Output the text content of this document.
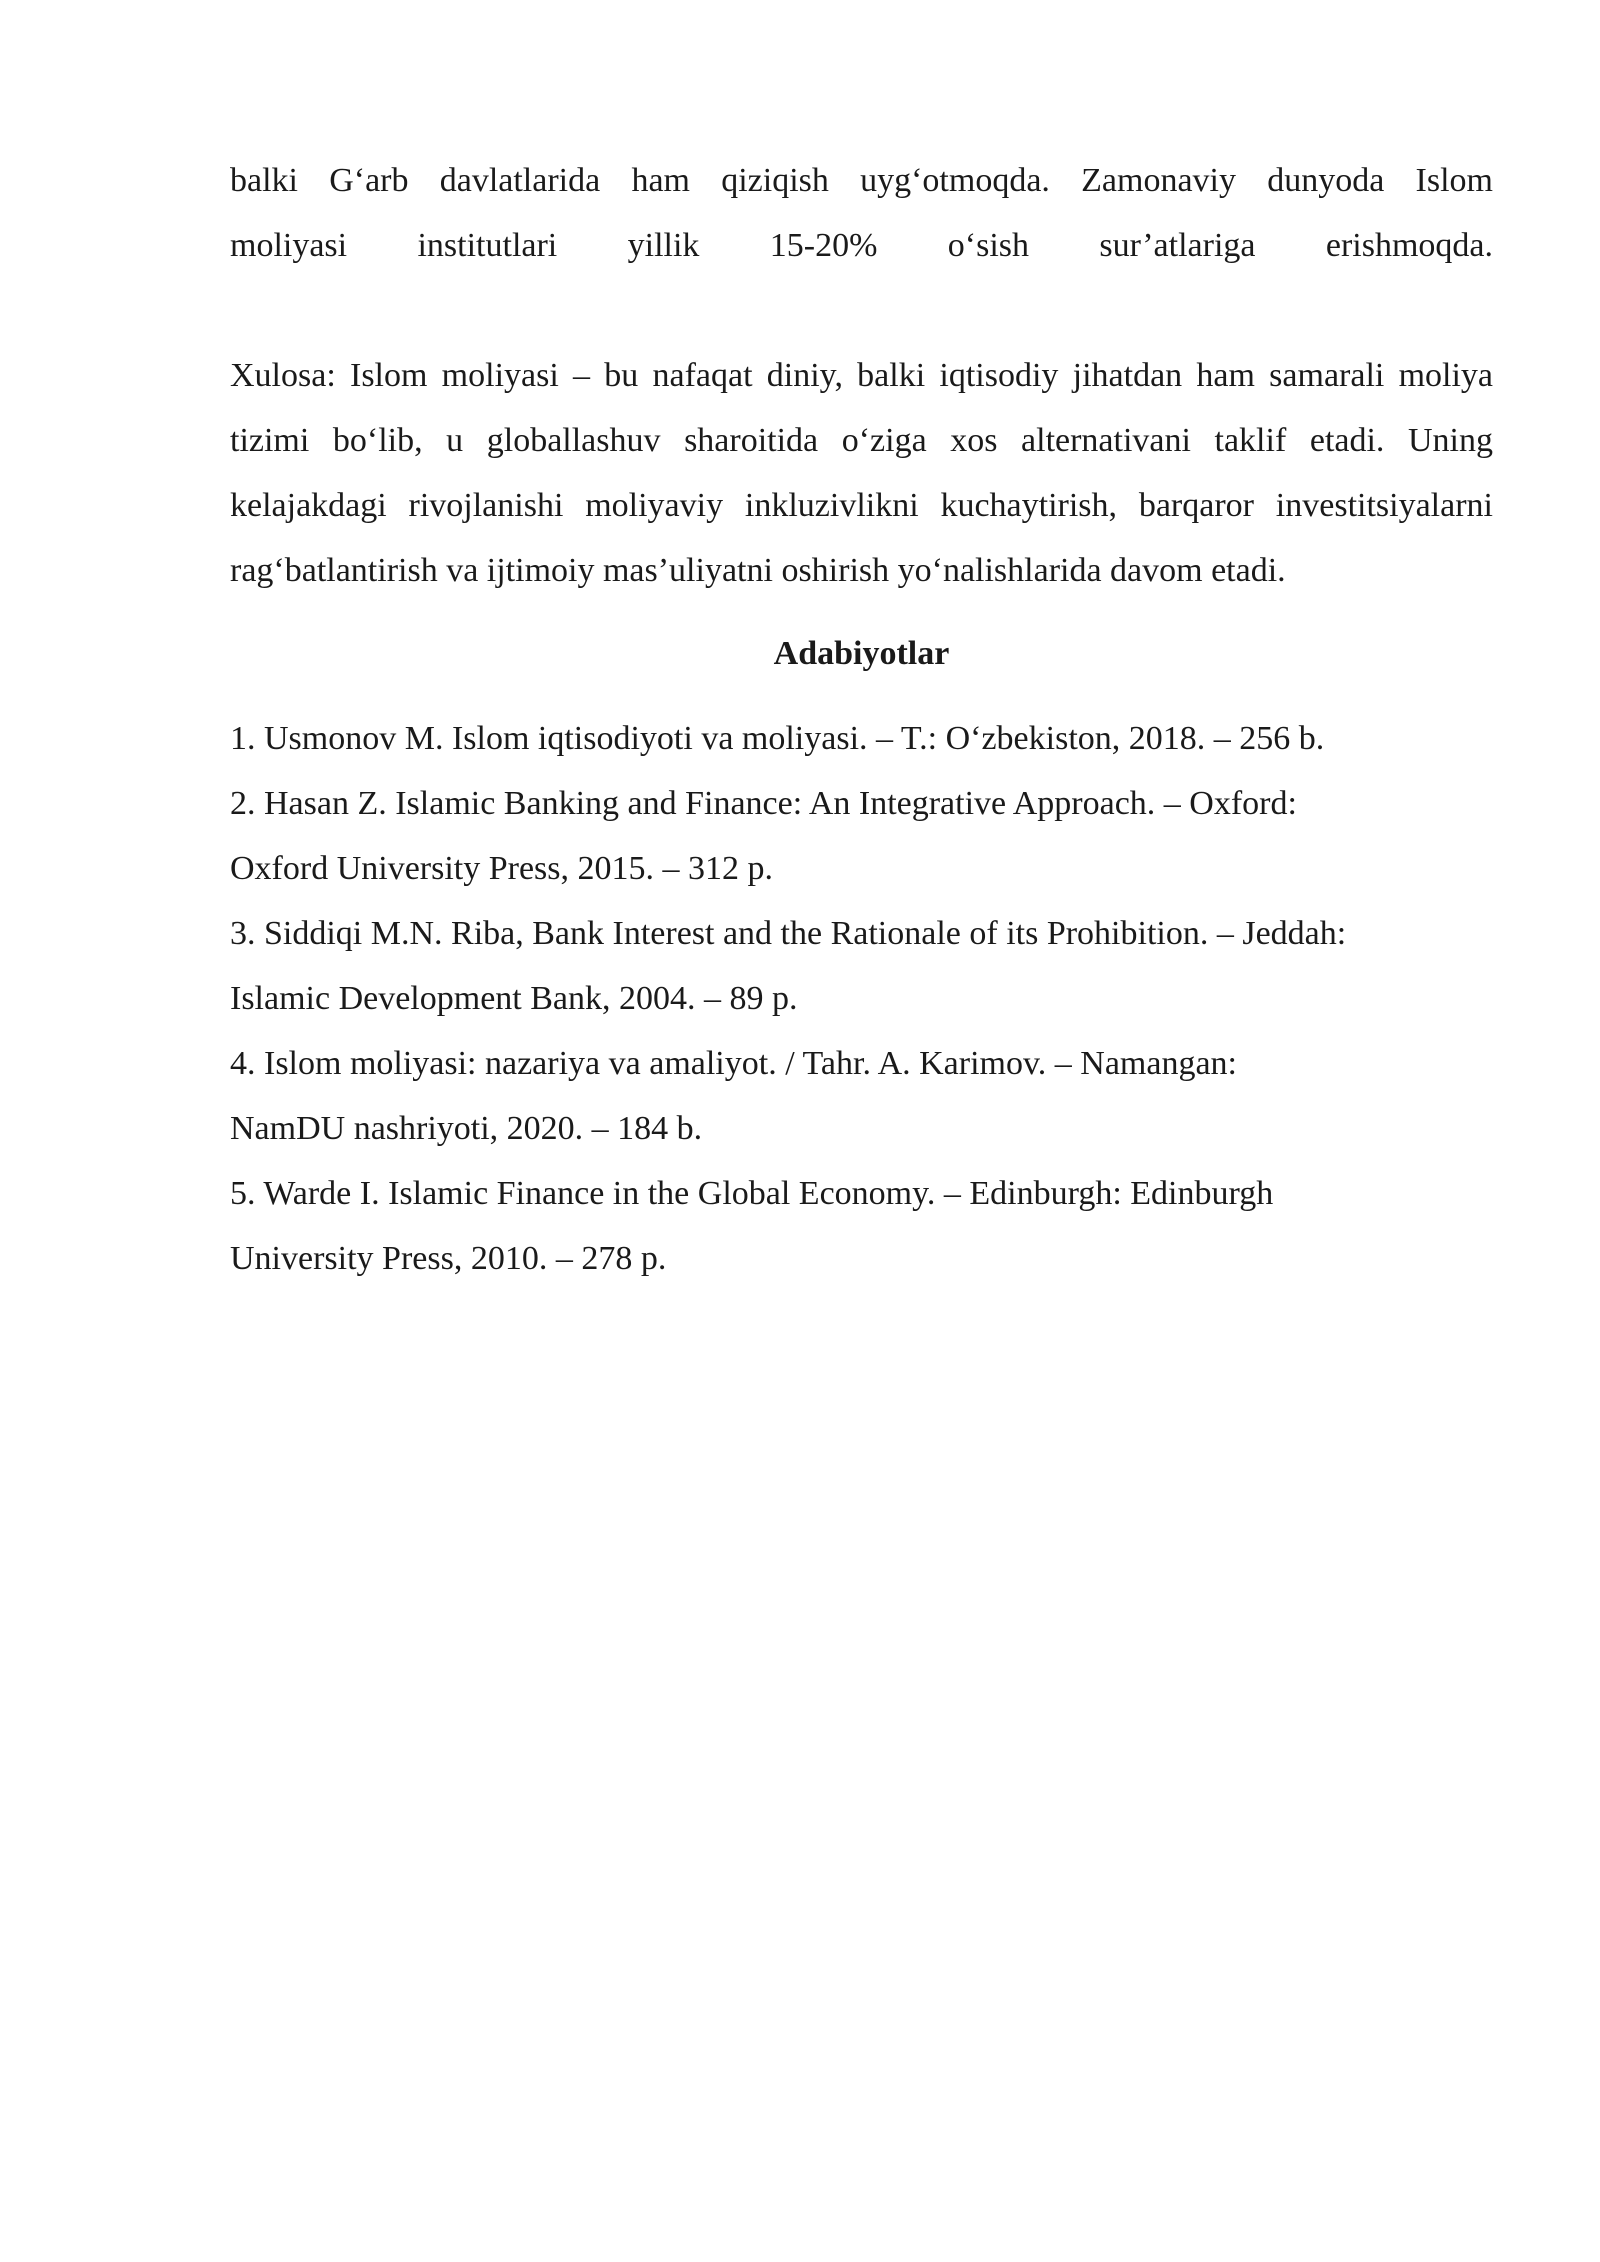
balki G‘arb davlatlarida ham qiziqish uyg‘otmoqda. Zamonaviy dunyoda Islom
moliyasi institutlari yillik 15-20% o‘sish sur’atlariga erishmoqda.

Xulosa: Islom moliyasi – bu nafaqat diniy, balki iqtisodiy jihatdan ham samarali moliya tizimi bo‘lib, u globallashuv sharoitida o‘ziga xos alternativani taklif etadi. Uning kelajakdagi rivojlanishi moliyaviy inkluzivlikni kuchaytirish, barqaror investitsiyalarni rag‘batlantirish va ijtimoiy mas’uliyatni oshirish yo‘nalishlarida davom etadi.

Adabiyotlar
1. Usmonov M. Islom iqtisodiyoti va moliyasi. – T.: O‘zbekiston, 2018. – 256 b.
2. Hasan Z. Islamic Banking and Finance: An Integrative Approach. – Oxford:
Oxford University Press, 2015. – 312 p.
3. Siddiqi M.N. Riba, Bank Interest and the Rationale of its Prohibition. – Jeddah:
Islamic Development Bank, 2004. – 89 p.
4. Islom moliyasi: nazariya va amaliyot. / Tahr. A. Karimov. – Namangan:
NamDU nashriyoti, 2020. – 184 b.
5. Warde I. Islamic Finance in the Global Economy. – Edinburgh: Edinburgh
University Press, 2010. – 278 p.
